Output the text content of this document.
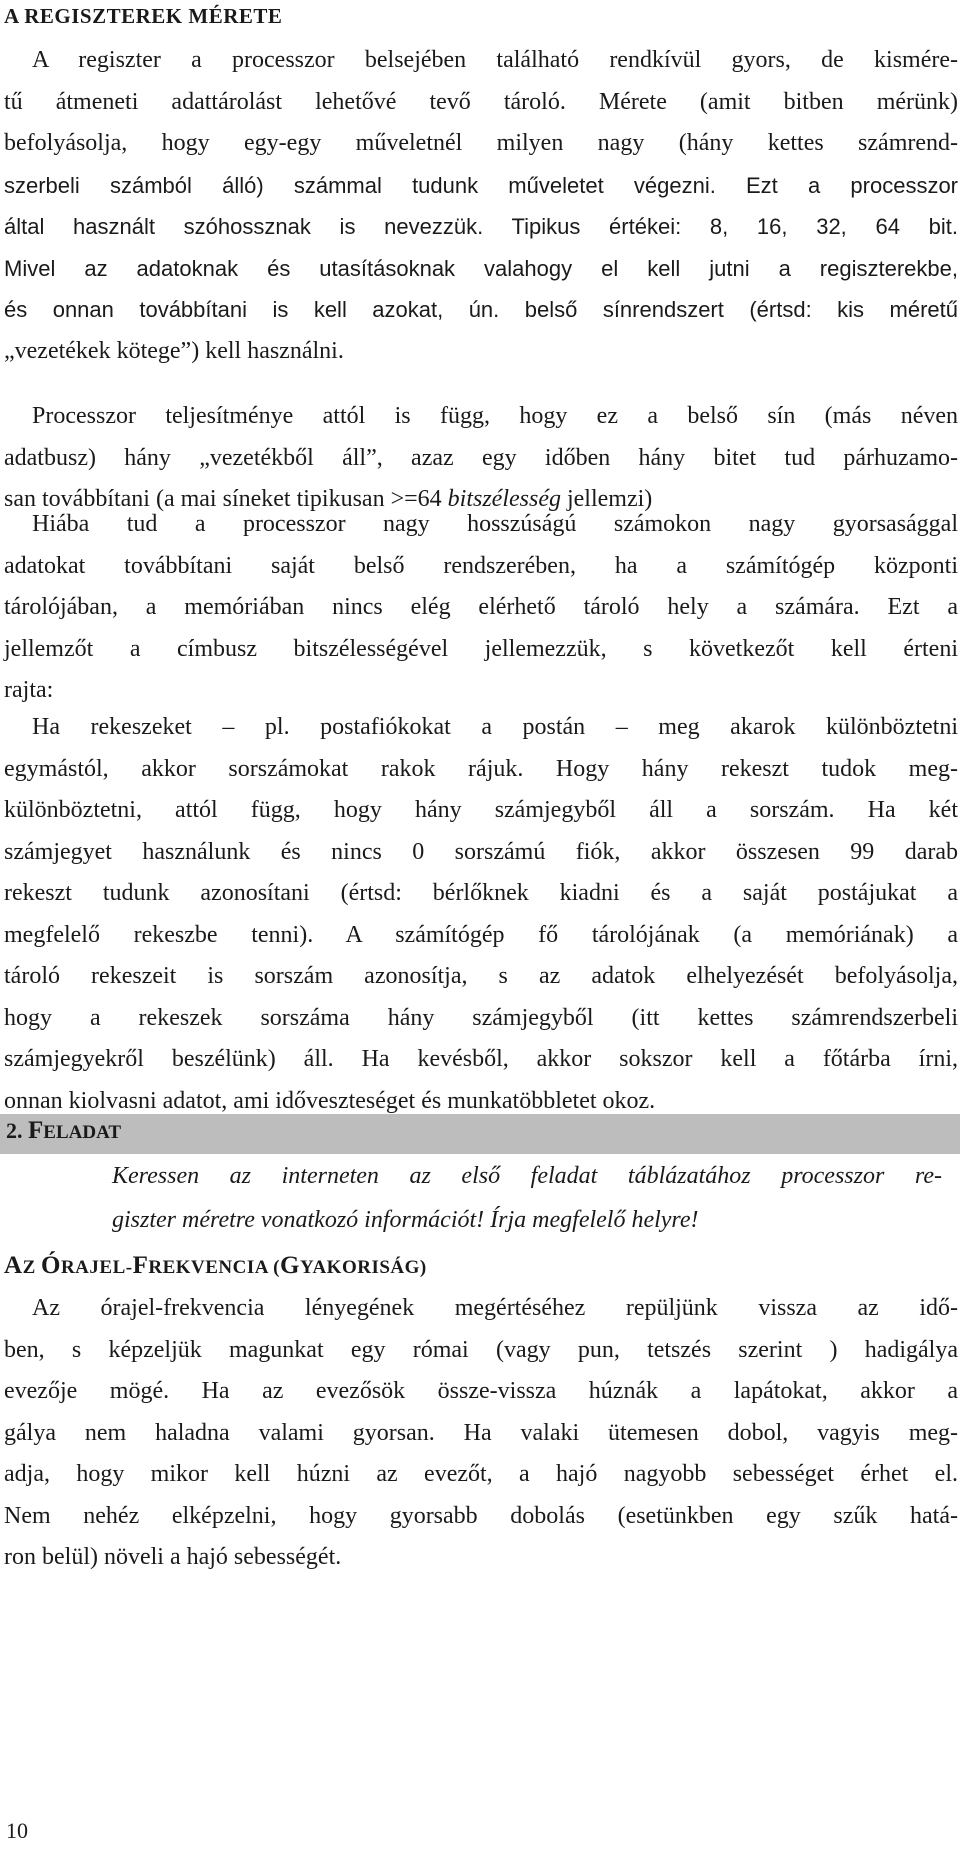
A REGISZTEREK MÉRETE
A regiszter a processzor belsejében található rendkívül gyors, de kismére-
tű átmeneti adattárolást lehetővé tevő tároló. Mérete (amit bitben mérünk)
befolyásolja, hogy egy-egy műveletnél milyen nagy (hány kettes számrend-
szerbeli számból álló) számmal tudunk műveletet végezni. Ezt a processzor
által használt szóhossznak is nevezzük. Tipikus értékei: 8, 16, 32, 64 bit.
Mivel az adatoknak és utasításoknak valahogy el kell jutni a regiszterekbe,
és onnan továbbítani is kell azokat, ún. belső sínrendszert (értsd: kis méretű
„vezetékek kötege”) kell használni.
Processzor teljesítménye attól is függ, hogy ez a belső sín (más néven
adatbusz) hány „vezetékből áll”, azaz egy időben hány bitet tud párhuzamo-
san továbbítani (a mai síneket tipikusan >=64 bitszélesség jellemzi)
Hiába tud a processzor nagy hosszúságú számokon nagy gyorsasággal
adatokat továbbítani saját belső rendszerében, ha a számítógép központi
tárolójában, a memóriában nincs elég elérhető tároló hely a számára. Ezt a
jellemzőt a címbusz bitszélességével jellemezzük, s következőt kell érteni
rajta:
Ha rekeszeket – pl. postafiókokat a postán – meg akarok különböztetni
egymástól, akkor sorszámokat rakok rájuk. Hogy hány rekeszt tudok meg-
különböztetni, attól függ, hogy hány számjegyből áll a sorszám. Ha két
számjegyet használunk és nincs 0 sorszámú fiók, akkor összesen 99 darab
rekeszt tudunk azonosítani (értsd: bérlőknek kiadni és a saját postájukat a
megfelelő rekeszbe tenni). A számítógép fő tárolójának (a memóriának) a
tároló rekeszeit is sorszám azonosítja, s az adatok elhelyezését befolyásolja,
hogy a rekeszek sorszáma hány számjegyből (itt kettes számrendszerbeli
számjegyekről beszélünk) áll. Ha kevésből, akkor sokszor kell a főtárba írni,
onnan kiolvasni adatot, ami időveszteséget és munkatöbbletet okoz.
2. FELADAT
Keressen az interneten az első feladat táblázatához processzor re-
giszter méretre vonatkozó információt! Írja megfelelő helyre!
AZ ÓRAJEL-FREKVENCIA (GYAKORISÁG)
Az órajel-frekvencia lényegének megértéséhez repüljünk vissza az idő-
ben, s képzeljük magunkat egy római (vagy pun, tetszés szerint ) hadigálya
evezője mögé. Ha az evezősök össze-vissza húznák a lapátokat, akkor a
gálya nem haladna valami gyorsan. Ha valaki ütemesen dobol, vagyis meg-
adja, hogy mikor kell húzni az evezőt, a hajó nagyobb sebességet érhet el.
Nem nehéz elképzelni, hogy gyorsabb dobolás (esetünkben egy szűk hatá-
ron belül) növeli a hajó sebességét.
10
